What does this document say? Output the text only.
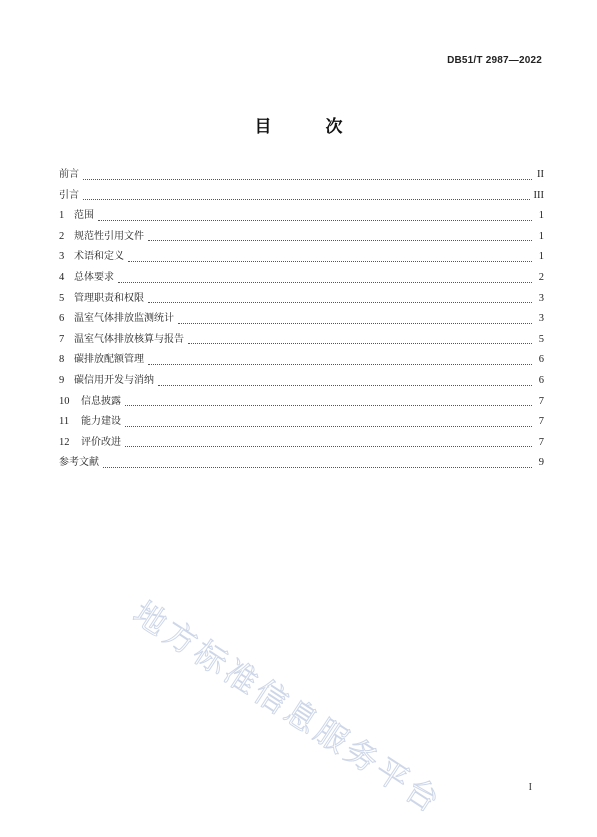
DB51/T 2987—2022
目 次
前言	II
引言	III
1 范围	1
2 规范性引用文件	1
3 术语和定义	1
4 总体要求	2
5 管理职责和权限	3
6 温室气体排放监测统计	3
7 温室气体排放核算与报告	5
8 碳排放配额管理	6
9 碳信用开发与消纳	6
10	信息披露	7
11	能力建设	7
12	评价改进	7
参考文献	9
地方标准信息服务平台	I
